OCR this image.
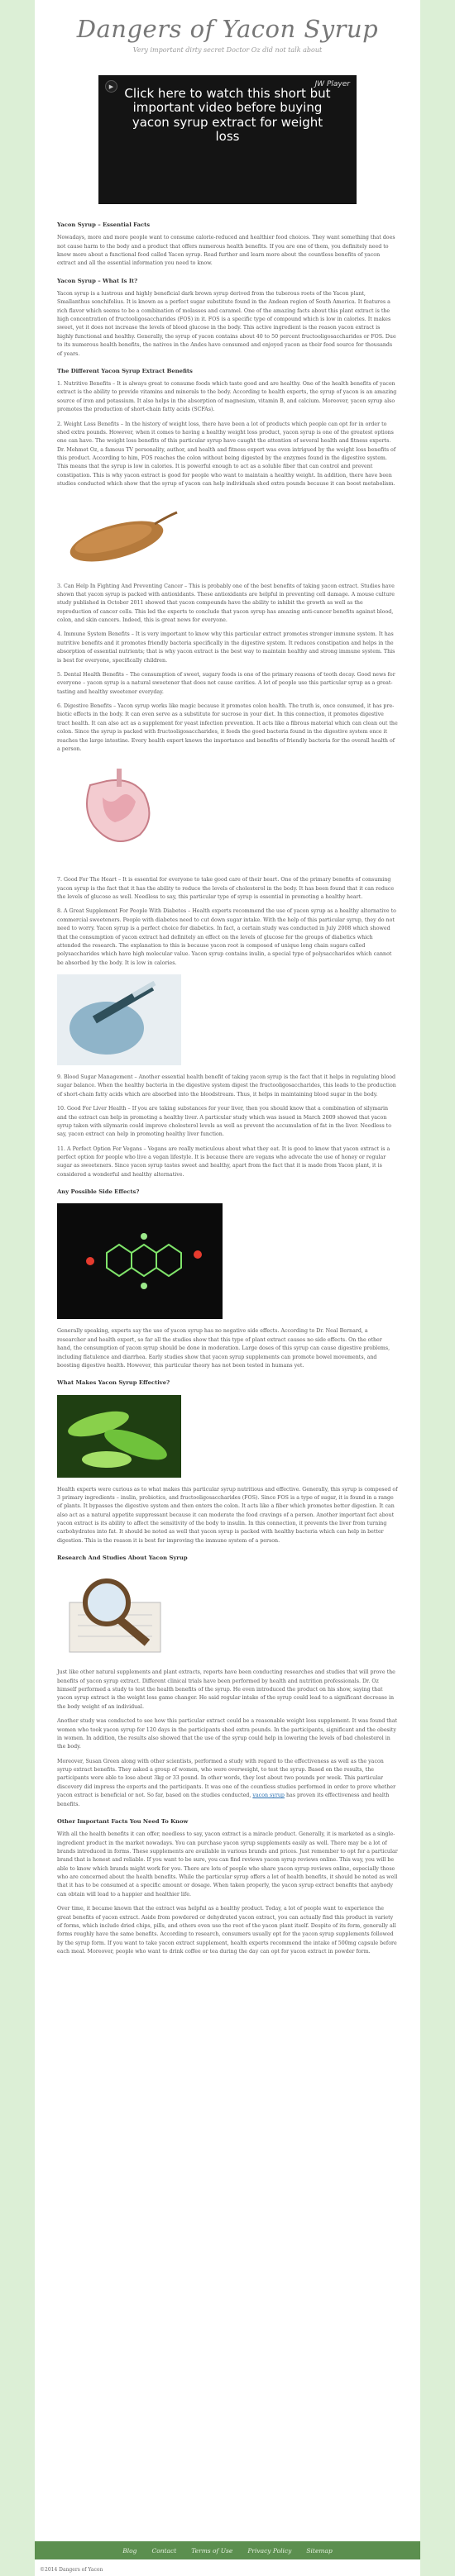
Dangers of Yacon Syrup
Very important dirty secret Doctor Oz did not talk about
▶	JW Player
Click here to watch this short but important video before buying yacon syrup extract for weight loss
Yacon Syrup – Essential Facts

Nowadays, more and more people want to consume calorie-reduced and healthier food choices. They want something that does not cause harm to the body and a product that offers numerous health benefits. If you are one of them, you definitely need to know more about a functional food called Yacon syrup. Read further and learn more about the countless benefits of yacon extract and all the essential information you need to know.

Yacon Syrup – What Is It?

Yacon syrup is a lustrous and highly beneficial dark brown syrup derived from the tuberous roots of the Yacon plant, Smallanthus sonchifolius. It is known as a perfect sugar substitute found in the Andean region of South America. It features a rich flavor which seems to be a combination of molasses and caramel. One of the amazing facts about this plant extract is the high concentration of fructooligosaccharides (FOS) in it. FOS is a specific type of compound which is low in calories. It makes sweet, yet it does not increase the levels of blood glucose in the body. This active ingredient is the reason yacon extract is highly functional and healthy. Generally, the syrup of yacon contains about 40 to 50 percent fructooligosaccharides or FOS. Due to its numerous health benefits, the natives in the Andes have consumed and enjoyed yacon as their food source for thousands of years.

The Different Yacon Syrup Extract Benefits

1. Nutritive Benefits – It is always great to consume foods which taste good and are healthy. One of the health benefits of yacon extract is the ability to provide vitamins and minerals to the body. According to health experts, the syrup of yacon is an amazing source of iron and potassium. It also helps in the absorption of magnesium, vitamin B, and calcium. Moreover, yacon syrup also promotes the production of short-chain fatty acids (SCFAs).

2. Weight Loss Benefits – In the history of weight loss, there have been a lot of products which people can opt for in order to shed extra pounds. However, when it comes to having a healthy weight loss product, yacon syrup is one of the greatest options one can have. The weight loss benefits of this particular syrup have caught the attention of several health and fitness experts. Dr. Mehmet Oz, a famous TV personality, author, and health and fitness expert was even intrigued by the weight loss benefits of this product. According to him, FOS reaches the colon without being digested by the enzymes found in the digestive system. This means that the syrup is low in calories. It is powerful enough to act as a soluble fiber that can control and prevent constipation. This is why yacon extract is good for people who want to maintain a healthy weight. In addition, there have been studies conducted which show that the syrup of yacon can help individuals shed extra pounds because it can boost metabolism.

3. Can Help In Fighting And Preventing Cancer – This is probably one of the best benefits of taking yacon extract. Studies have shown that yacon syrup is packed with antioxidants. These antioxidants are helpful in preventing cell damage. A mouse culture study published in October 2011 showed that yacon compounds have the ability to inhibit the growth as well as the reproduction of cancer cells. This led the experts to conclude that yacon syrup has amazing anti-cancer benefits against blood, colon, and skin cancers. Indeed, this is great news for everyone.

4. Immune System Benefits – It is very important to know why this particular extract promotes stronger immune system. It has nutritive benefits and it promotes friendly bacteria specifically in the digestive system. It reduces constipation and helps in the absorption of essential nutrients; that is why yacon extract is the best way to maintain healthy and strong immune system. This is best for everyone, specifically children.

5. Dental Health Benefits – The consumption of sweet, sugary foods is one of the primary reasons of tooth decay. Good news for everyone – yacon syrup is a natural sweetener that does not cause cavities. A lot of people use this particular syrup as a great-tasting and healthy sweetener everyday.

6. Digestive Benefits – Yacon syrup works like magic because it promotes colon health. The truth is, once consumed, it has pre-biotic effects in the body. It can even serve as a substitute for sucrose in your diet. In this connection, it promotes digestive tract health. It can also act as a supplement for yeast infection prevention. It acts like a fibrous material which can clean out the colon. Since the syrup is packed with fructooligosaccharides, it feeds the good bacteria found in the digestive system once it reaches the large intestine. Every health expert knows the importance and benefits of friendly bacteria for the overall health of a person.

7. Good For The Heart – It is essential for everyone to take good care of their heart. One of the primary benefits of consuming yacon syrup is the fact that it has the ability to reduce the levels of cholesterol in the body. It has been found that it can reduce the levels of glucose as well. Needless to say, this particular type of syrup is essential in promoting a healthy heart.

8. A Great Supplement For People With Diabetes – Health experts recommend the use of yacon syrup as a healthy alternative to commercial sweeteners. People with diabetes need to cut down sugar intake. With the help of this particular syrup, they do not need to worry. Yacon syrup is a perfect choice for diabetics. In fact, a certain study was conducted in July 2008 which showed that the consumption of yacon extract had definitely an effect on the levels of glucose for the groups of diabetics which attended the research. The explanation to this is because yacon root is composed of unique long chain sugars called polysaccharides which have high molecular value. Yacon syrup contains inulin, a special type of polysaccharides which cannot be absorbed by the body. It is low in calories.

9. Blood Sugar Management – Another essential health benefit of taking yacon syrup is the fact that it helps in regulating blood sugar balance. When the healthy bacteria in the digestive system digest the fructooligosaccharides, this leads to the production of short-chain fatty acids which are absorbed into the bloodstream. Thus, it helps in maintaining blood sugar in the body.

10. Good For Liver Health – If you are taking substances for your liver, then you should know that a combination of silymarin and the extract can help in promoting a healthy liver. A particular study which was issued in March 2009 showed that yacon syrup taken with silymarin could improve cholesterol levels as well as prevent the accumulation of fat in the liver. Needless to say, yacon extract can help in promoting healthy liver function.

11. A Perfect Option For Vegans – Vegans are really meticulous about what they eat. It is good to know that yacon extract is a perfect option for people who live a vegan lifestyle. It is because there are vegans who advocate the use of honey or regular sugar as sweeteners. Since yacon syrup tastes sweet and healthy, apart from the fact that it is made from Yacon plant, it is considered a wonderful and healthy alternative.

Any Possible Side Effects?

Generally speaking, experts say the use of yacon syrup has no negative side effects. According to Dr. Neal Bernard, a researcher and health expert, so far all the studies show that this type of plant extract causes no side effects. On the other hand, the consumption of yacon syrup should be done in moderation. Large doses of this syrup can cause digestive problems, including flatulence and diarrhea. Early studies show that yacon syrup supplements can promote bowel movements, and boosting digestive health. However, this particular theory has not been tested in humans yet.

What Makes Yacon Syrup Effective?

Health experts were curious as to what makes this particular syrup nutritious and effective. Generally, this syrup is composed of 3 primary ingredients – inulin, probiotics, and fructooligosaccharides (FOS). Since FOS is a type of sugar, it is found in a range of plants. It bypasses the digestive system and then enters the colon. It acts like a fiber which promotes better digestion. It can also act as a natural appetite suppressant because it can moderate the food cravings of a person. Another important fact about yacon extract is its ability to affect the sensitivity of the body to insulin. In this connection, it prevents the liver from turning carbohydrates into fat. It should be noted as well that yacon syrup is packed with healthy bacteria which can help in better digestion. This is the reason it is best for improving the immune system of a person.

Research And Studies About Yacon Syrup

Just like other natural supplements and plant extracts, reports have been conducting researches and studies that will prove the benefits of yacon syrup extract. Different clinical trials have been performed by health and nutrition professionals. Dr. Oz himself performed a study to test the health benefits of the syrup. He even introduced the product on his show, saying that yacon syrup extract is the weight loss game changer. He said regular intake of the syrup could lead to a significant decrease in the body weight of an individual.

Another study was conducted to see how this particular extract could be a reasonable weight loss supplement. It was found that women who took yacon syrup for 120 days in the participants shed extra pounds. In the participants, significant and the obesity in women. In addition, the results also showed that the use of the syrup could help in lowering the levels of bad cholesterol in the body.

Moreover, Susan Green along with other scientists, performed a study with regard to the effectiveness as well as the yacon syrup extract benefits. They asked a group of women, who were overweight, to test the syrup. Based on the results, the participants were able to lose about 3kg or 33 pound. In other words, they lost about two pounds per week. This particular discovery did impress the experts and the participants. It was one of the countless studies performed in order to prove whether yacon extract is beneficial or not. So far, based on the studies conducted, yacon syrup has proven its effectiveness and health benefits.

Other Important Facts You Need To Know

With all the health benefits it can offer, needless to say, yacon extract is a miracle product. Generally, it is marketed as a single-ingredient product in the market nowadays. You can purchase yacon syrup supplements easily as well. There may be a lot of brands introduced in forms. These supplements are available in various brands and prices. Just remember to opt for a particular brand that is honest and reliable. If you want to be sure, you can find reviews yacon syrup reviews online. This way, you will be able to know which brands might work for you. There are lots of people who share yacon syrup reviews online, especially those who are concerned about the health benefits. While the particular syrup offers a lot of health benefits, it should be noted as well that it has to be consumed at a specific amount or dosage. When taken properly, the yacon syrup extract benefits that anybody can obtain will lead to a happier and healthier life.

Over time, it became known that the extract was helpful as a healthy product. Today, a lot of people want to experience the great benefits of yacon extract. Aside from powdered or dehydrated yacon extract, you can actually find this product in variety of forms, which include dried chips, pills, and others even use the root of the yacon plant itself. Despite of its form, generally all forms roughly have the same benefits. According to research, consumers usually opt for the yacon syrup supplements followed by the syrup form. If you want to take yacon extract supplement, health experts recommend the intake of 500mg capsule before each meal. Moreover, people who want to drink coffee or tea during the day can opt for yacon extract in powder form.

Blog Contact Terms of Use Privacy Policy Sitemap
©2014 Dangers of Yacon
